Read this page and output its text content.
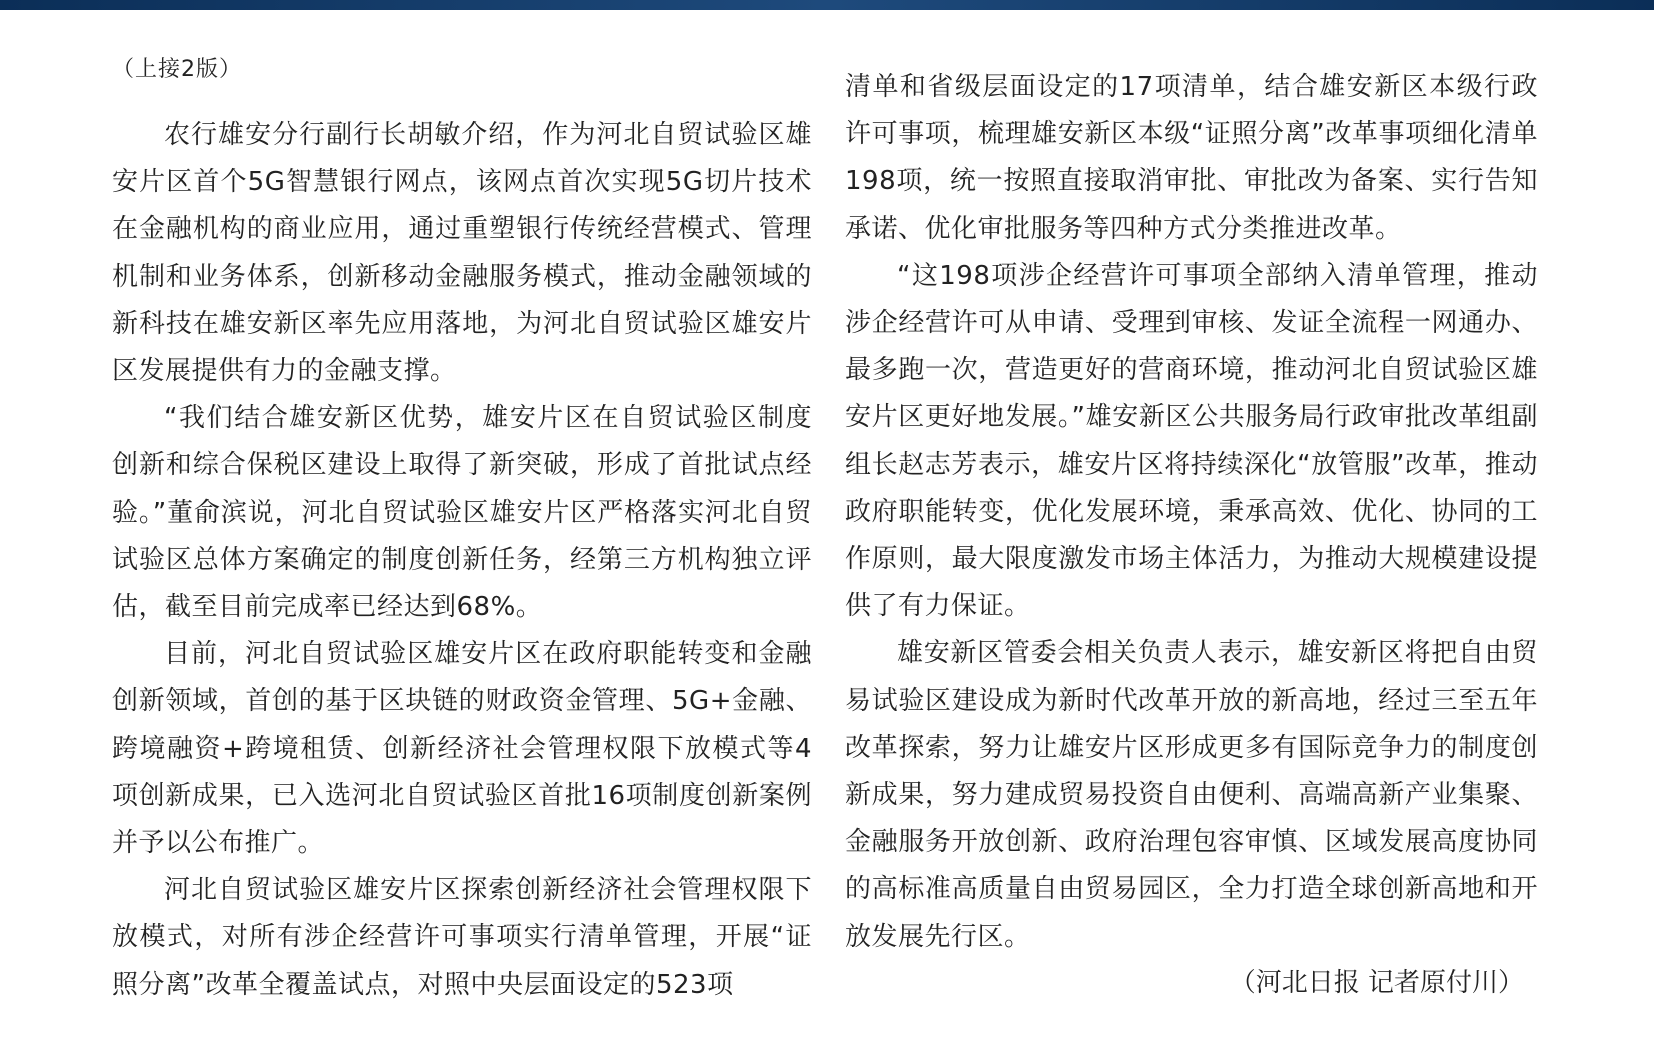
（上接2版）

农行雄安分行副行长胡敏介绍，作为河北自贸试验区雄安片区首个5G智慧银行网点，该网点首次实现5G切片技术在金融机构的商业应用，通过重塑银行传统经营模式、管理机制和业务体系，创新移动金融服务模式，推动金融领域的新科技在雄安新区率先应用落地，为河北自贸试验区雄安片区发展提供有力的金融支撑。

“我们结合雄安新区优势，雄安片区在自贸试验区制度创新和综合保税区建设上取得了新突破，形成了首批试点经验。”董俞滨说，河北自贸试验区雄安片区严格落实河北自贸试验区总体方案确定的制度创新任务，经第三方机构独立评估，截至目前完成率已经达到68%。

目前，河北自贸试验区雄安片区在政府职能转变和金融创新领域，首创的基于区块链的财政资金管理、5G+金融、跨境融资+跨境租赁、创新经济社会管理权限下放模式等4项创新成果，已入选河北自贸试验区首批16项制度创新案例并予以公布推广。

河北自贸试验区雄安片区探索创新经济社会管理权限下放模式，对所有涉企经营许可事项实行清单管理，开展“证照分离”改革全覆盖试点，对照中央层面设定的523项

清单和省级层面设定的17项清单，结合雄安新区本级行政许可事项，梳理雄安新区本级“证照分离”改革事项细化清单198项，统一按照直接取消审批、审批改为备案、实行告知承诺、优化审批服务等四种方式分类推进改革。

“这198项涉企经营许可事项全部纳入清单管理，推动涉企经营许可从申请、受理到审核、发证全流程一网通办、最多跑一次，营造更好的营商环境，推动河北自贸试验区雄安片区更好地发展。”雄安新区公共服务局行政审批改革组副组长赵志芳表示，雄安片区将持续深化“放管服”改革，推动政府职能转变，优化发展环境，秉承高效、优化、协同的工作原则，最大限度激发市场主体活力，为推动大规模建设提供了有力保证。

雄安新区管委会相关负责人表示，雄安新区将把自由贸易试验区建设成为新时代改革开放的新高地，经过三至五年改革探索，努力让雄安片区形成更多有国际竞争力的制度创新成果，努力建成贸易投资自由便利、高端高新产业集聚、金融服务开放创新、政府治理包容审慎、区域发展高度协同的高标准高质量自由贸易园区，全力打造全球创新高地和开放发展先行区。

（河北日报 记者原付川）
